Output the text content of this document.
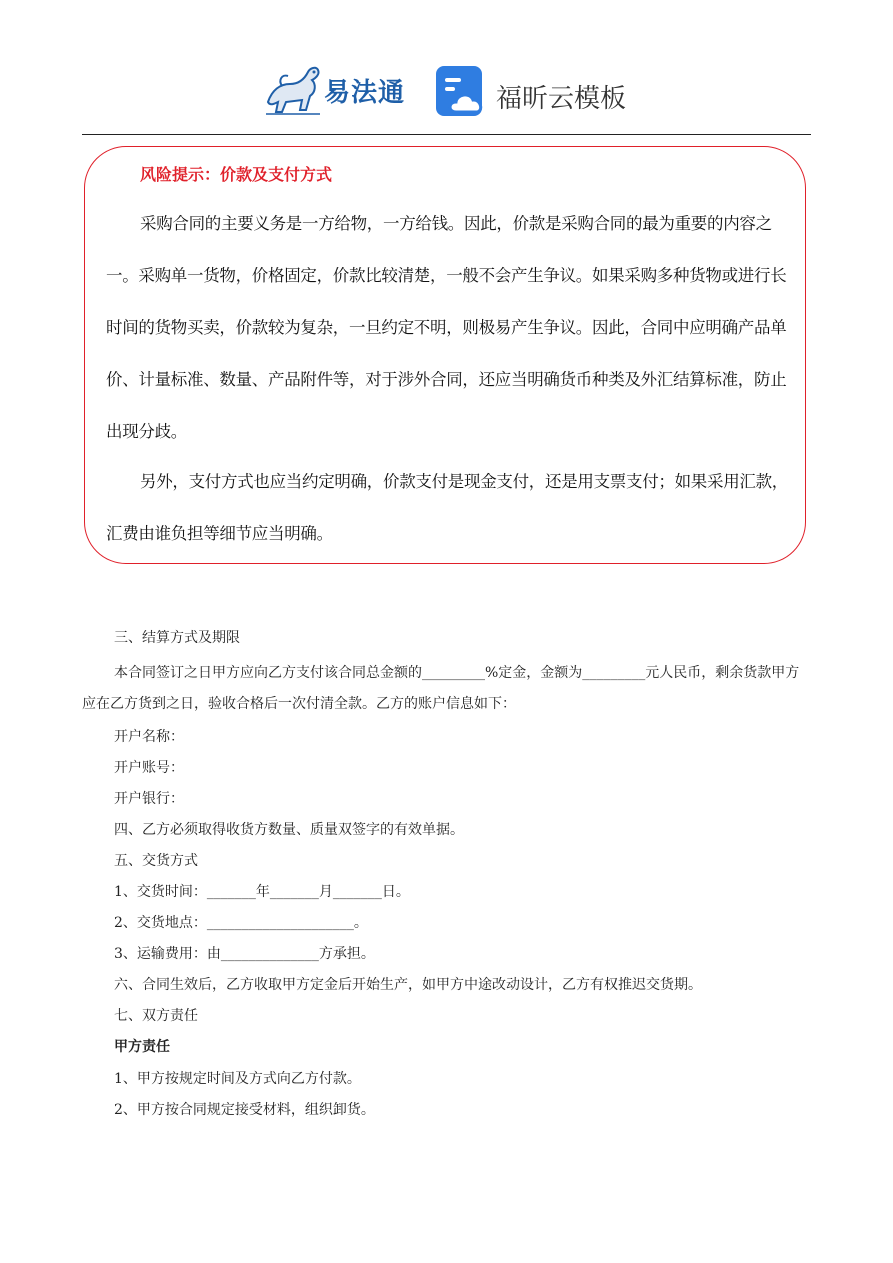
易法通	福昕云模板
风险提示：价款及支付方式

采购合同的主要义务是一方给物，一方给钱。因此，价款是采购合同的最为重要的内容之一。采购单一货物，价格固定，价款比较清楚，一般不会产生争议。如果采购多种货物或进行长时间的货物买卖，价款较为复杂，一旦约定不明，则极易产生争议。因此，合同中应明确产品单价、计量标准、数量、产品附件等，对于涉外合同，还应当明确货币种类及外汇结算标准，防止出现分歧。

另外，支付方式也应当约定明确，价款支付是现金支付，还是用支票支付；如果采用汇款，汇费由谁负担等细节应当明确。

三、结算方式及期限

本合同签订之日甲方应向乙方支付该合同总金额的_________%定金，金额为_________元人民币，剩余货款甲方应在乙方货到之日，验收合格后一次付清全款。乙方的账户信息如下：

开户名称：

开户账号：

开户银行：

四、乙方必须取得收货方数量、质量双签字的有效单据。

五、交货方式

1、交货时间：_______年_______月_______日。

2、交货地点：_____________________。

3、运输费用：由______________方承担。

六、合同生效后，乙方收取甲方定金后开始生产，如甲方中途改动设计，乙方有权推迟交货期。

七、双方责任

甲方责任

1、甲方按规定时间及方式向乙方付款。

2、甲方按合同规定接受材料，组织卸货。
